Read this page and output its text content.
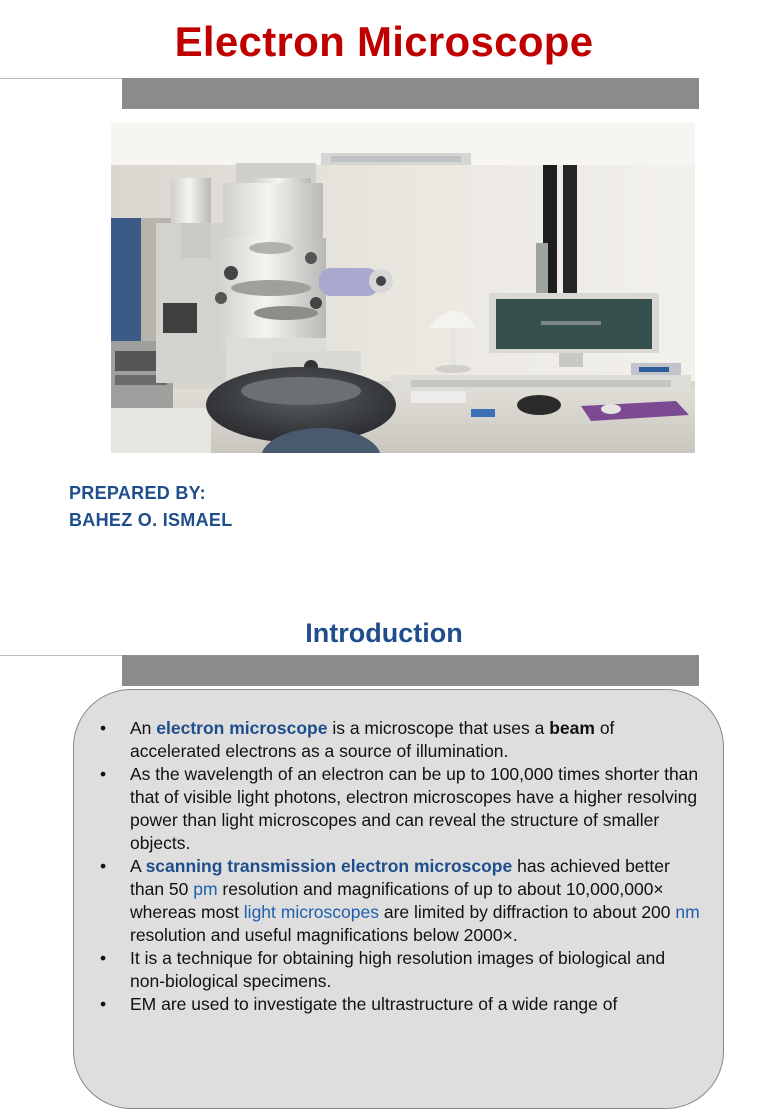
Electron Microscope
PREPARED BY:
BAHEZ O. ISMAEL
Introduction
• An electron microscope is a microscope that uses a beam of accelerated electrons as a source of illumination.
• As the wavelength of an electron can be up to 100,000 times shorter than that of visible light photons, electron microscopes have a higher resolving power than light microscopes and can reveal the structure of smaller objects.
• A scanning transmission electron microscope has achieved better than 50 pm resolution and magnifications of up to about 10,000,000× whereas most light microscopes are limited by diffraction to about 200 nm resolution and useful magnifications below 2000×.
• It is a technique for obtaining high resolution images of biological and non-biological specimens.
• EM are used to investigate the ultrastructure of a wide range of
